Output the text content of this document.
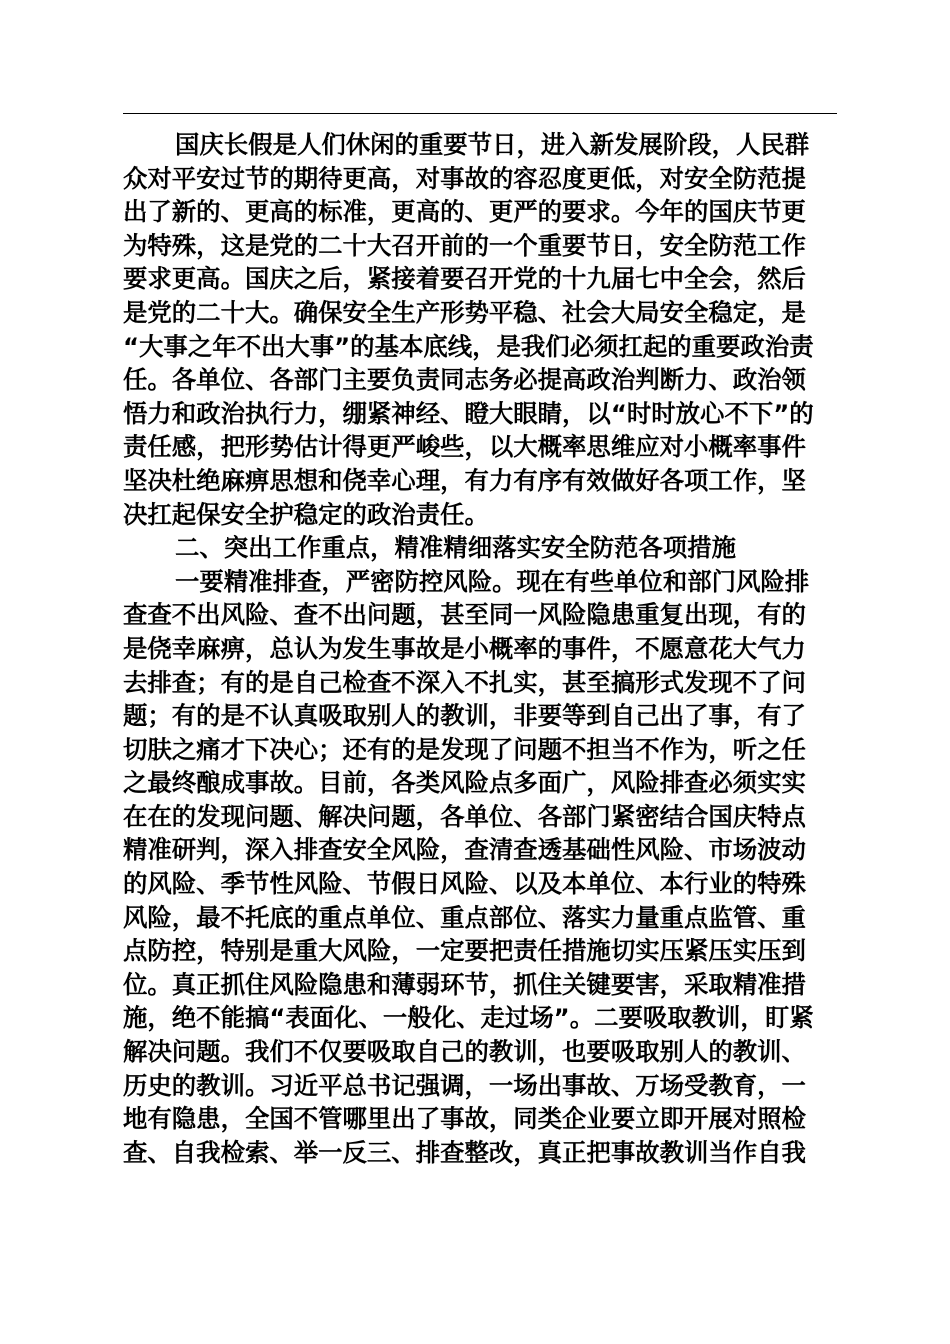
国庆长假是人们休闲的重要节日，进入新发展阶段，人民群
众对平安过节的期待更高，对事故的容忍度更低，对安全防范提
出了新的、更高的标准，更高的、更严的要求。今年的国庆节更
为特殊，这是党的二十大召开前的一个重要节日，安全防范工作
要求更高。国庆之后，紧接着要召开党的十九届七中全会，然后
是党的二十大。确保安全生产形势平稳、社会大局安全稳定，是
“大事之年不出大事”的基本底线，是我们必须扛起的重要政治责
任。各单位、各部门主要负责同志务必提高政治判断力、政治领
悟力和政治执行力，绷紧神经、瞪大眼睛，以“时时放心不下”的
责任感，把形势估计得更严峻些，以大概率思维应对小概率事件
坚决杜绝麻痹思想和侥幸心理，有力有序有效做好各项工作，坚
决扛起保安全护稳定的政治责任。
二、突出工作重点，精准精细落实安全防范各项措施
一要精准排查，严密防控风险。现在有些单位和部门风险排
查查不出风险、查不出问题，甚至同一风险隐患重复出现，有的
是侥幸麻痹，总认为发生事故是小概率的事件，不愿意花大气力
去排查；有的是自己检查不深入不扎实，甚至搞形式发现不了问
题；有的是不认真吸取别人的教训，非要等到自己出了事，有了
切肤之痛才下决心；还有的是发现了问题不担当不作为，听之任
之最终酿成事故。目前，各类风险点多面广，风险排查必须实实
在在的发现问题、解决问题，各单位、各部门紧密结合国庆特点
精准研判，深入排查安全风险，查清查透基础性风险、市场波动
的风险、季节性风险、节假日风险、以及本单位、本行业的特殊
风险，最不托底的重点单位、重点部位、落实力量重点监管、重
点防控，特别是重大风险，一定要把责任措施切实压紧压实压到
位。真正抓住风险隐患和薄弱环节，抓住关键要害，采取精准措
施，绝不能搞“表面化、一般化、走过场”。二要吸取教训，盯紧
解决问题。我们不仅要吸取自己的教训，也要吸取别人的教训、
历史的教训。习近平总书记强调，一场出事故、万场受教育，一
地有隐患，全国不管哪里出了事故，同类企业要立即开展对照检
查、自我检索、举一反三、排查整改，真正把事故教训当作自我
